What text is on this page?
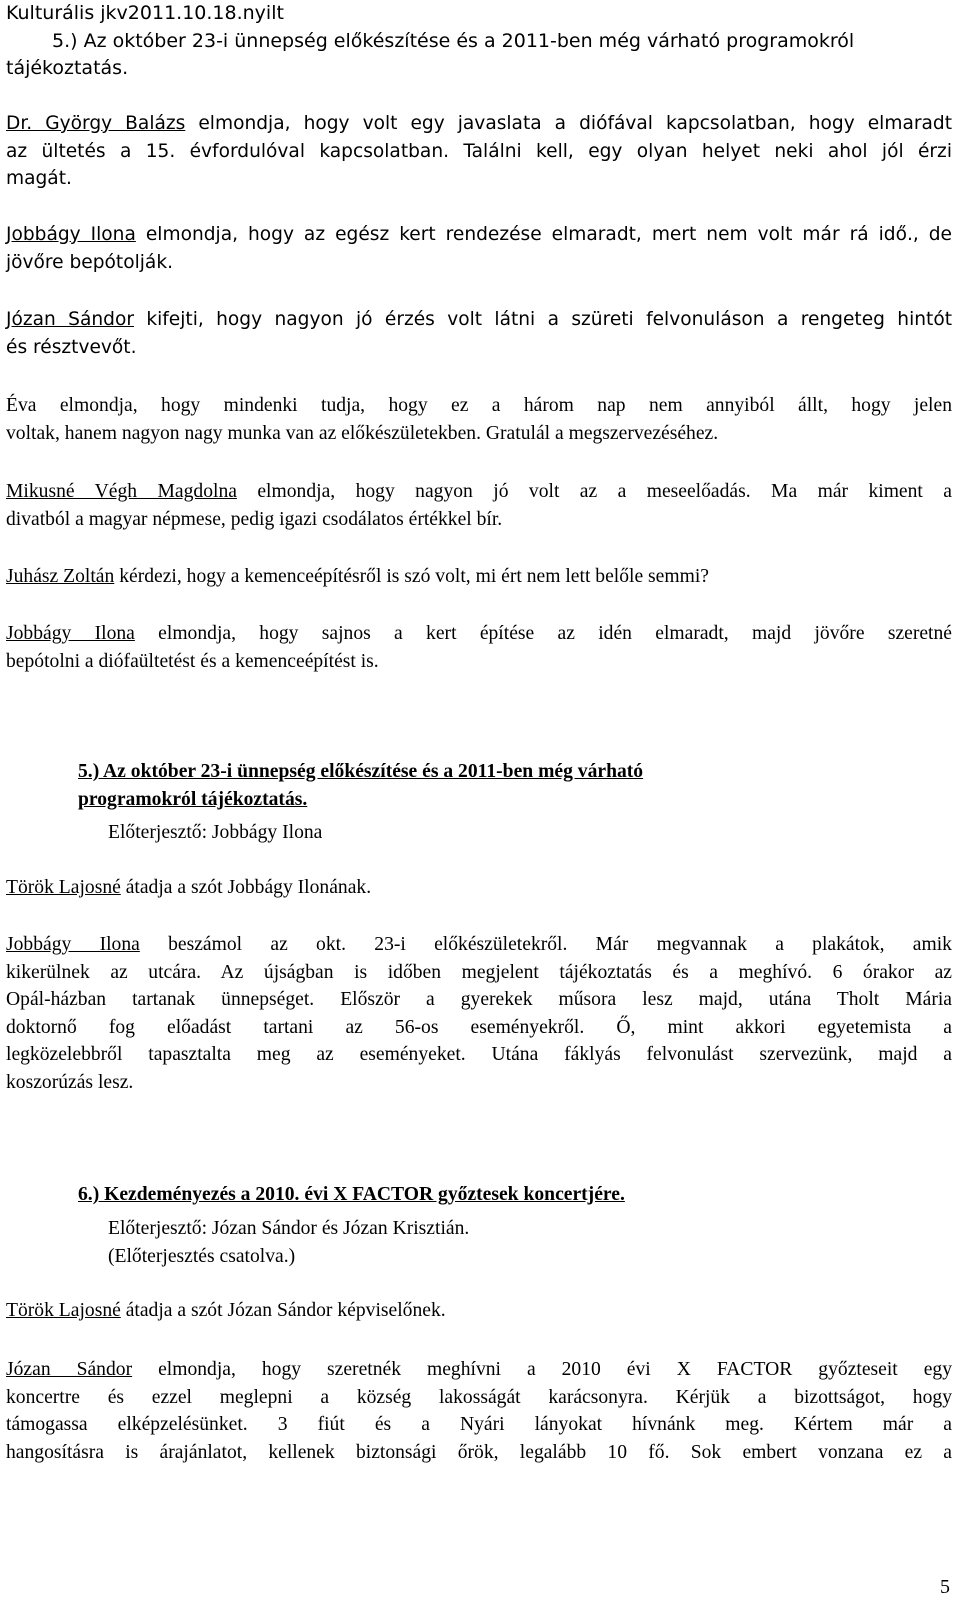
Kulturális jkv2011.10.18.nyilt
5.) Az október 23-i ünnepség előkészítése és a 2011-ben még várható programokról
tájékoztatás.
Dr. György Balázs elmondja, hogy volt egy javaslata a diófával kapcsolatban, hogy elmaradt
az ültetés a 15. évfordulóval kapcsolatban. Találni kell, egy olyan helyet neki ahol jól érzi
magát.
Jobbágy Ilona elmondja, hogy az egész kert rendezése elmaradt, mert nem volt már rá idő., de
jövőre bepótolják.
Józan Sándor kifejti, hogy nagyon jó érzés volt látni a szüreti felvonuláson a rengeteg hintót
és résztvevőt.
Éva elmondja, hogy mindenki tudja, hogy ez a három nap nem annyiból állt, hogy jelen
voltak, hanem nagyon nagy munka van az előkészületekben. Gratulál a megszervezéséhez.
Mikusné Végh Magdolna elmondja, hogy nagyon jó volt az a meseelőadás. Ma már kiment a
divatból a magyar népmese, pedig igazi csodálatos értékkel bír.
Juhász Zoltán kérdezi, hogy a kemenceépítésről is szó volt, mi ért nem lett belőle semmi?
Jobbágy Ilona elmondja, hogy sajnos a kert építése az idén elmaradt, majd jövőre szeretné
bepótolni a diófaültetést és a kemenceépítést is.
5.) Az október 23-i ünnepség előkészítése és a 2011-ben még várható
programokról tájékoztatás.
Előterjesztő: Jobbágy Ilona
Török Lajosné átadja a szót Jobbágy Ilonának.
Jobbágy Ilona beszámol az okt. 23-i előkészületekről. Már megvannak a plakátok, amik
kikerülnek az utcára. Az újságban is időben megjelent tájékoztatás és a meghívó. 6 órakor az
Opál-házban tartanak ünnepséget. Először a gyerekek műsora lesz majd, utána Tholt Mária
doktornő fog előadást tartani az 56-os eseményekről. Ő, mint akkori egyetemista a
legközelebbről tapasztalta meg az eseményeket. Utána fáklyás felvonulást szervezünk, majd a
koszorúzás lesz.
6.) Kezdeményezés a 2010. évi X FACTOR győztesek koncertjére.
Előterjesztő: Józan Sándor és Józan Krisztián.
(Előterjesztés csatolva.)
Török Lajosné átadja a szót Józan Sándor képviselőnek.
Józan Sándor elmondja, hogy szeretnék meghívni a 2010 évi X FACTOR győzteseit egy
koncertre és ezzel meglepni a község lakosságát karácsonyra. Kérjük a bizottságot, hogy
támogassa elképzelésünket. 3 fiút és a Nyári lányokat hívnánk meg. Kértem már a
hangosításra is árajánlatot, kellenek biztonsági őrök, legalább 10 fő. Sok embert vonzana ez a
5
